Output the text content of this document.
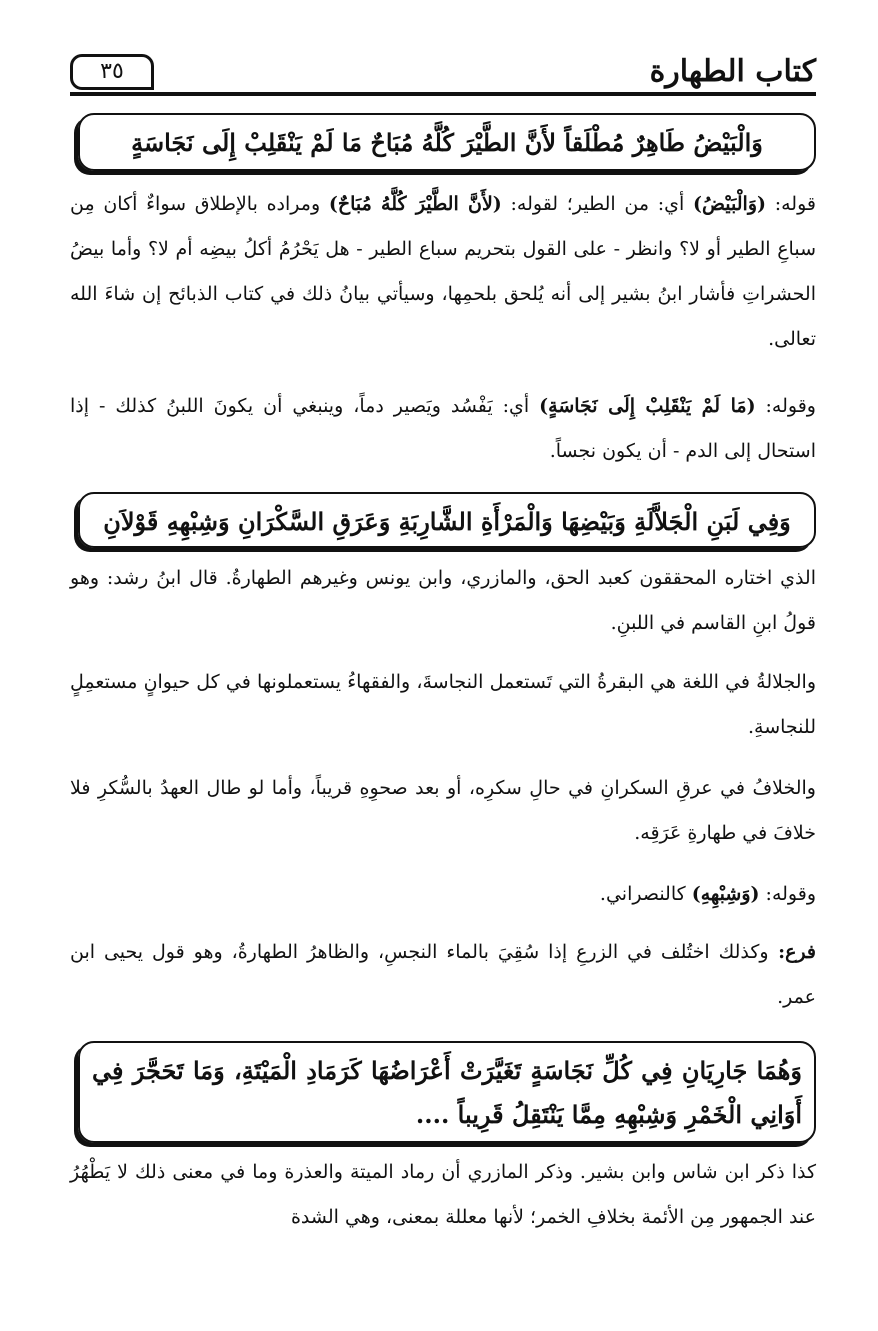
كتاب الطهارة
٣٥
وَالْبَيْضُ طَاهِرٌ مُطْلَقاً لأَنَّ الطَّيْرَ كُلَّهُ مُبَاحٌ مَا لَمْ يَنْقَلِبْ إِلَى نَجَاسَةٍ
قوله: (وَالْبَيْضُ) أي: من الطير؛ لقوله: (لأَنَّ الطَّيْرَ كُلَّهُ مُبَاحٌ) ومراده بالإطلاق سواءٌ أكان مِن سباعِ الطير أو لا؟ وانظر - على القول بتحريم سباع الطير - هل يَحْرُمُ أكلُ بيضِه أم لا؟ وأما بيضُ الحشراتِ فأشار ابنُ بشير إلى أنه يُلحق بلحمِها، وسيأتي بيانُ ذلك في كتاب الذبائح إن شاءَ الله تعالى.
وقوله: (مَا لَمْ يَنْقَلِبْ إِلَى نَجَاسَةٍ) أي: يَفْسُد ويَصير دماً، وينبغي أن يكونَ اللبنُ كذلك - إذا استحال إلى الدم - أن يكون نجساً.
وَفِي لَبَنِ الْجَلاَّلَةِ وَبَيْضِهَا وَالْمَرْأَةِ الشَّارِبَةِ وَعَرَقِ السَّكْرَانِ وَشِبْهِهِ قَوْلاَنِ
الذي اختاره المحققون كعبد الحق، والمازري، وابن يونس وغيرهم الطهارةُ. قال ابنُ رشد: وهو قولُ ابنِ القاسم في اللبنِ.
والجلالةُ في اللغة هي البقرةُ التي تَستعمل النجاسةَ، والفقهاءُ يستعملونها في كل حيوانٍ مستعمِلٍ للنجاسةِ.
والخلافُ في عرقِ السكرانِ في حالِ سكرِه، أو بعد صحوِهِ قريباً، وأما لو طال العهدُ بالسُّكرِ فلا خلافَ في طهارةِ عَرَقِه.
وقوله: (وَشِبْهِهِ) كالنصراني.
فرع: وكذلك اختُلف في الزرعِ إذا سُقِيَ بالماء النجسِ، والظاهرُ الطهارةُ، وهو قول يحيى ابن عمر.
وَهُمَا جَارِيَانِ فِي كُلِّ نَجَاسَةٍ تَغَيَّرَتْ أَعْرَاضُهَا كَرَمَادِ الْمَيْتَةِ، وَمَا تَحَجَّرَ فِي أَوَانِي الْخَمْرِ وَشِبْهِهِ مِمَّا يَنْتَقِلُ قَرِيباً ....
كذا ذكر ابن شاس وابن بشير. وذكر المازري أن رماد الميتة والعذرة وما في معنى ذلك لا يَطْهُرُ عند الجمهور مِن الأئمة بخلافِ الخمر؛ لأنها معللة بمعنى، وهي الشدة
